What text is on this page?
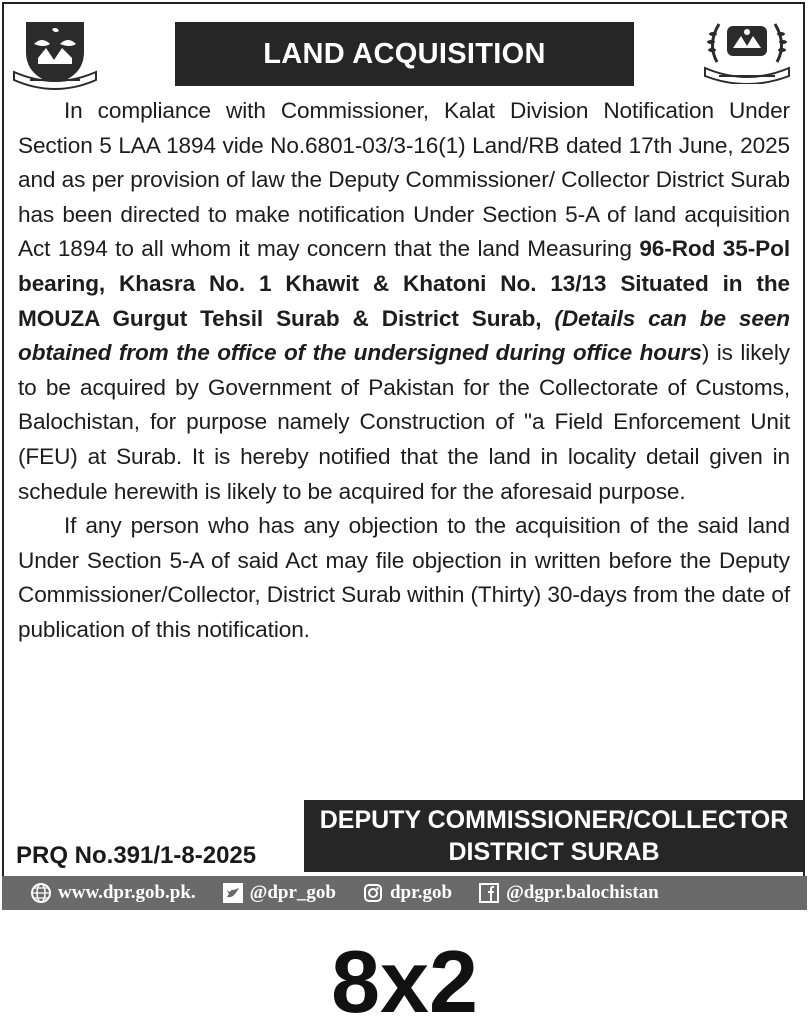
LAND ACQUISITION

In compliance with Commissioner, Kalat Division Notification Under Section 5 LAA 1894 vide No.6801-03/3-16(1) Land/RB dated 17th June, 2025 and as per provision of law the Deputy Commissioner/ Collector District Surab has been directed to make notification Under Section 5-A of land acquisition Act 1894 to all whom it may concern that the land Measuring 96-Rod 35-Pol bearing, Khasra No. 1 Khawit & Khatoni No. 13/13 Situated in the MOUZA Gurgut Tehsil Surab & District Surab, (Details can be seen obtained from the office of the undersigned during office hours) is likely to be acquired by Government of Pakistan for the Collectorate of Customs, Balochistan, for purpose namely Construction of "a Field Enforcement Unit (FEU) at Surab. It is hereby notified that the land in locality detail given in schedule herewith is likely to be acquired for the aforesaid purpose.

If any person who has any objection to the acquisition of the said land Under Section 5-A of said Act may file objection in written before the Deputy Commissioner/Collector, District Surab within (Thirty) 30-days from the date of publication of this notification.

DEPUTY COMMISSIONER/COLLECTOR
DISTRICT SURAB
PRQ No.391/1-8-2025
www.dpr.gob.pk.	@dpr_gob	dpr.gob	@dgpr.balochistan
8x2
